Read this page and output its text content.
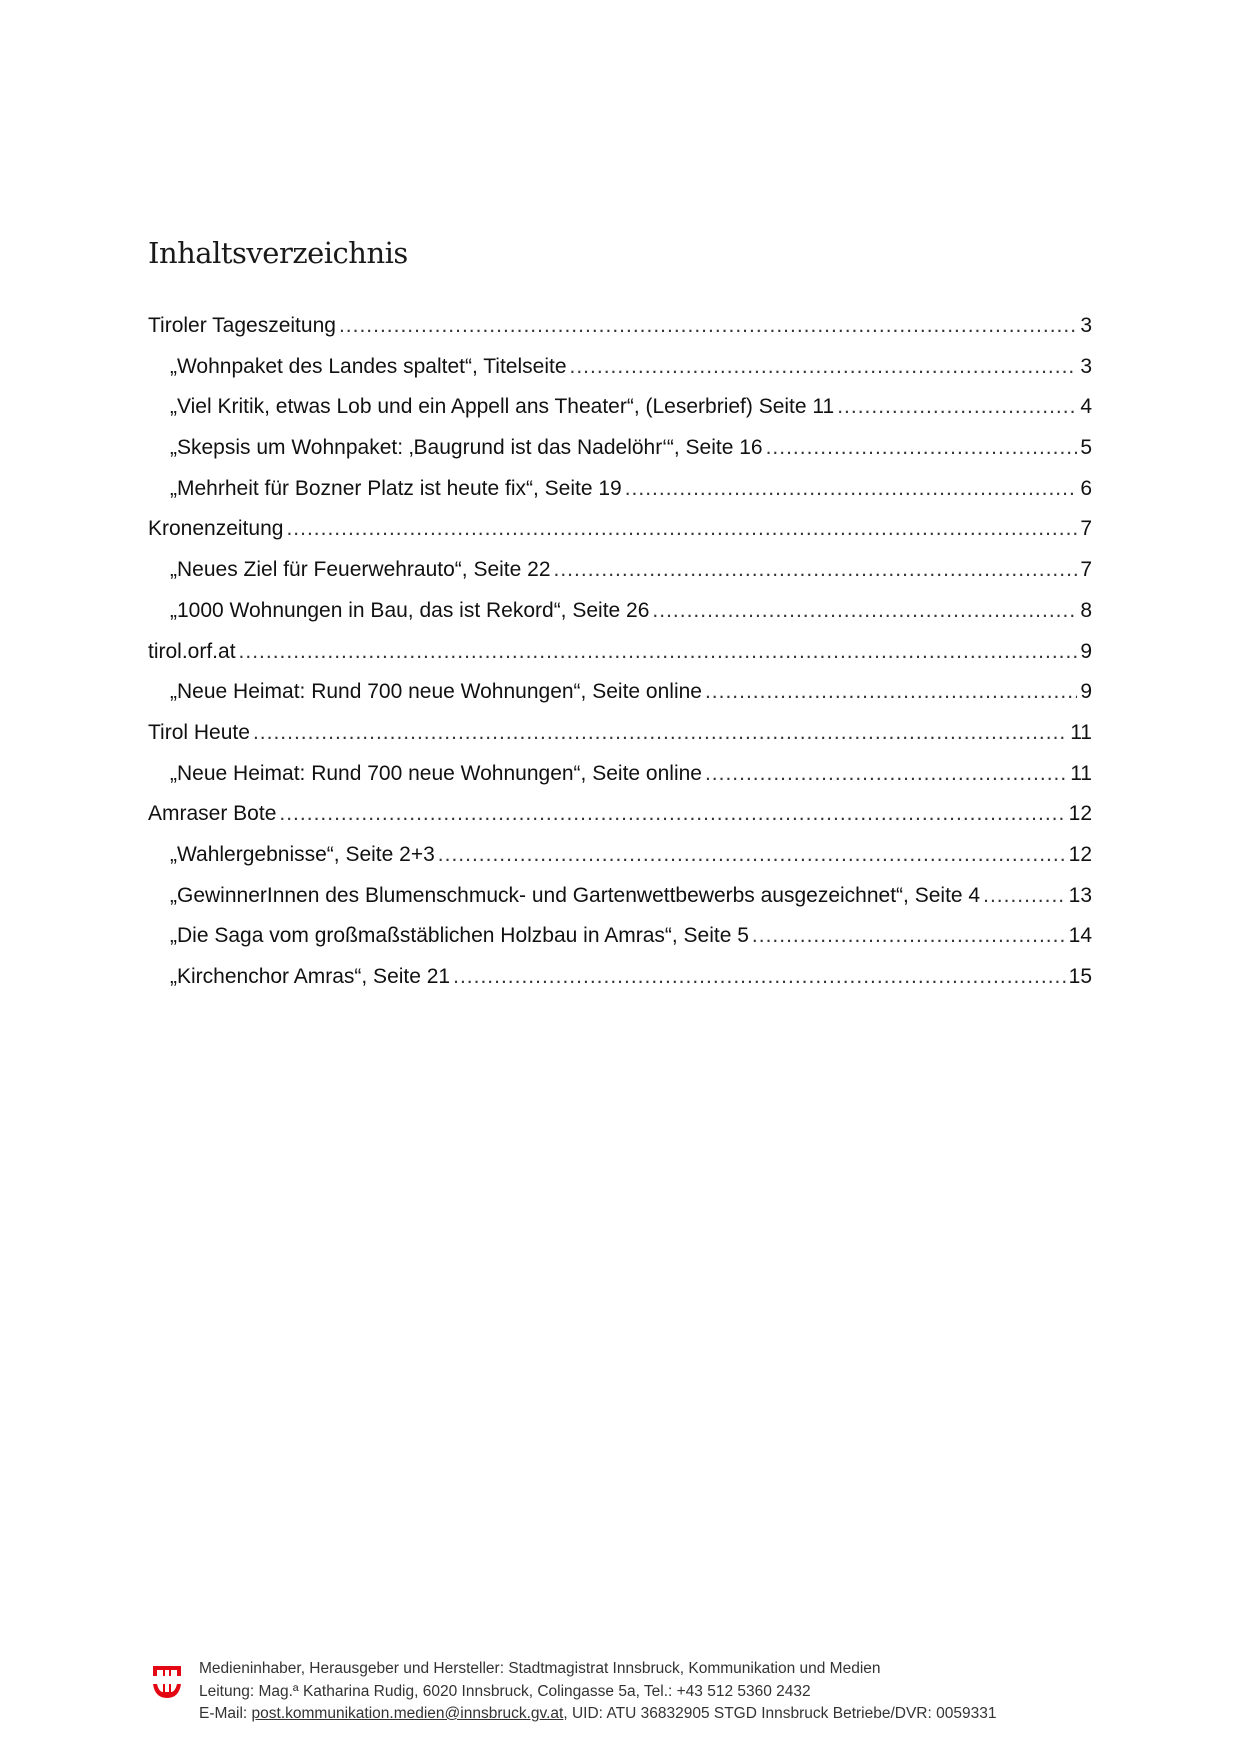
Inhaltsverzeichnis
Tiroler Tageszeitung .....	3
„Wohnpaket des Landes spaltet“, Titelseite .....	3
„Viel Kritik, etwas Lob und ein Appell ans Theater“, (Leserbrief) Seite 11 .....	4
„Skepsis um Wohnpaket: ‚Baugrund ist das Nadelöhr‘“, Seite 16 .....	5
„Mehrheit für Bozner Platz ist heute fix“, Seite 19 .....	6
Kronenzeitung .....	7
„Neues Ziel für Feuerwehrauto“, Seite 22 .....	7
„1000 Wohnungen in Bau, das ist Rekord“, Seite 26 .....	8
tirol.orf.at .....	9
„Neue Heimat: Rund 700 neue Wohnungen“, Seite online .....	9
Tirol Heute .....	11
„Neue Heimat: Rund 700 neue Wohnungen“, Seite online .....	11
Amraser Bote .....	12
„Wahlergebnisse“, Seite 2+3 .....	12
„GewinnerInnen des Blumenschmuck- und Gartenwettbewerbs ausgezeichnet“, Seite 4 .....	13
„Die Saga vom großmaßstäblichen Holzbau in Amras“, Seite 5 .....	14
„Kirchenchor Amras“, Seite 21 .....	15
Medieninhaber, Herausgeber und Hersteller: Stadtmagistrat Innsbruck, Kommunikation und Medien
Leitung: Mag.ª Katharina Rudig, 6020 Innsbruck, Colingasse 5a, Tel.: +43 512 5360 2432
E-Mail: post.kommunikation.medien@innsbruck.gv.at, UID: ATU 36832905 STGD Innsbruck Betriebe/DVR: 0059331
